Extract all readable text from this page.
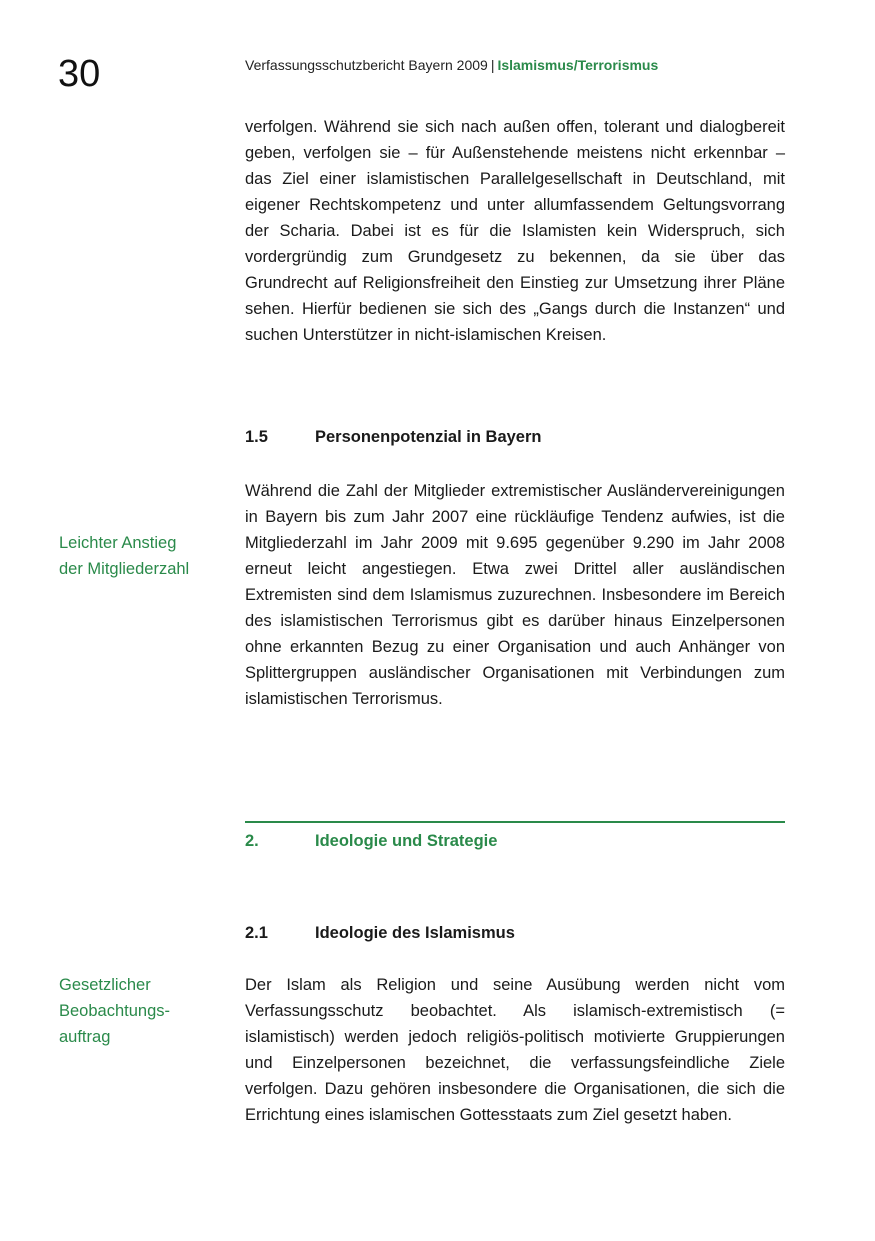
30	Verfassungsschutzbericht Bayern 2009 | Islamismus/Terrorismus

verfolgen. Während sie sich nach außen offen, tolerant und dialogbereit geben, verfolgen sie – für Außenstehende meistens nicht erkennbar – das Ziel einer islamistischen Parallelgesellschaft in Deutschland, mit eigener Rechtskompetenz und unter allumfassendem Geltungsvorrang der Scharia. Dabei ist es für die Islamisten kein Widerspruch, sich vordergründig zum Grundgesetz zu bekennen, da sie über das Grundrecht auf Religionsfreiheit den Einstieg zur Umsetzung ihrer Pläne sehen. Hierfür bedienen sie sich des „Gangs durch die Instanzen“ und suchen Unterstützer in nicht-islamischen Kreisen.

1.5	Personenpotenzial in Bayern

Leichter Anstieg
der Mitgliederzahl

Während die Zahl der Mitglieder extremistischer Ausländervereinigungen in Bayern bis zum Jahr 2007 eine rückläufige Tendenz aufwies, ist die Mitgliederzahl im Jahr 2009 mit 9.695 gegenüber 9.290 im Jahr 2008 erneut leicht angestiegen. Etwa zwei Drittel aller ausländischen Extremisten sind dem Islamismus zuzurechnen. Insbesondere im Bereich des islamistischen Terrorismus gibt es darüber hinaus Einzelpersonen ohne erkannten Bezug zu einer Organisation und auch Anhänger von Splittergruppen ausländischer Organisationen mit Verbindungen zum islamistischen Terrorismus.

2.	Ideologie und Strategie
2.1	Ideologie des Islamismus

Gesetzlicher
Beobachtungs-
auftrag

Der Islam als Religion und seine Ausübung werden nicht vom Verfassungsschutz beobachtet. Als islamisch-extremistisch (= islamistisch) werden jedoch religiös-politisch motivierte Gruppierungen und Einzelpersonen bezeichnet, die verfassungsfeindliche Ziele verfolgen. Dazu gehören insbesondere die Organisationen, die sich die Errichtung eines islamischen Gottesstaats zum Ziel gesetzt haben.
